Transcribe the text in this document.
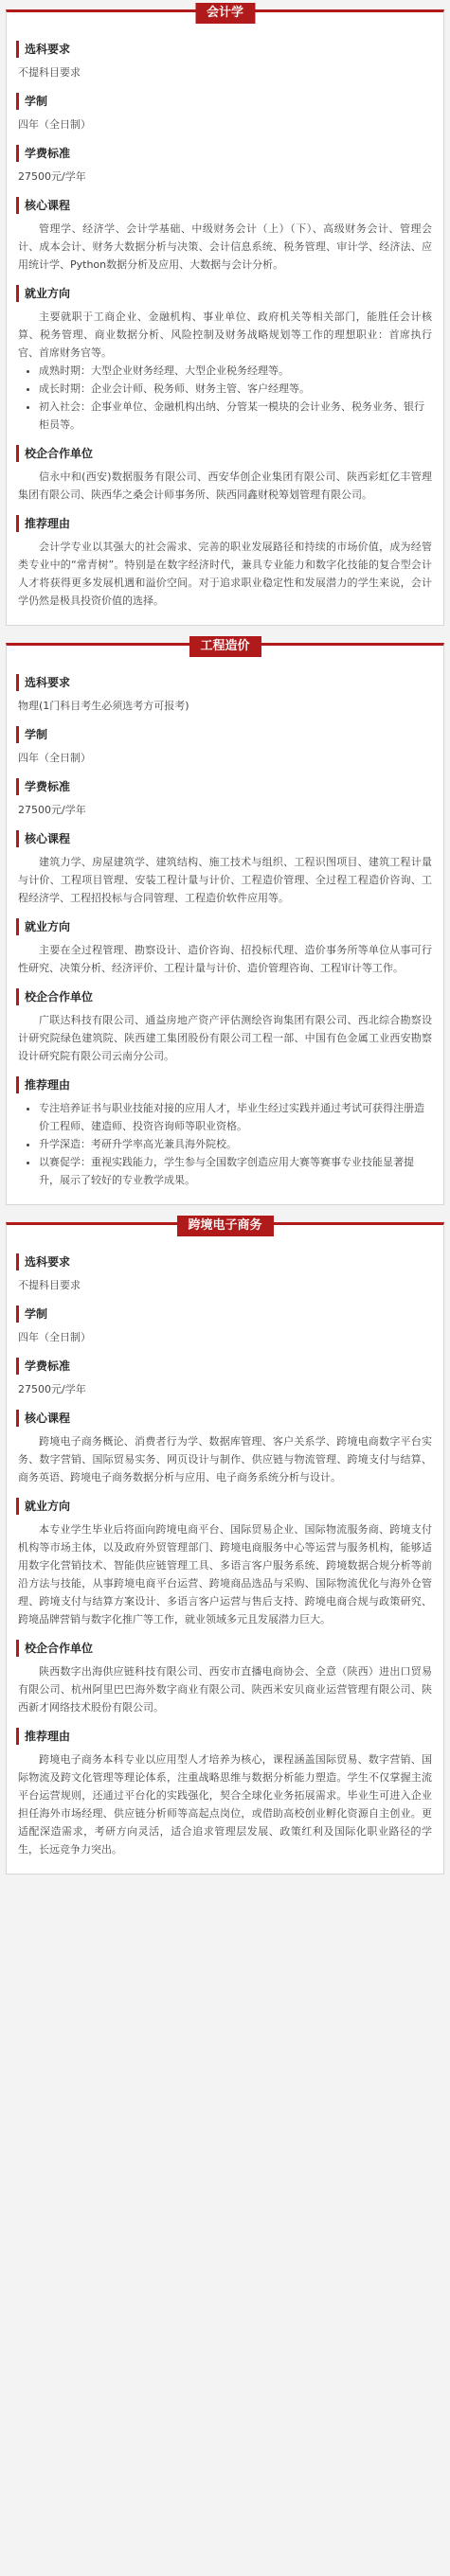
会计学
选科要求
不提科目要求
学制
四年（全日制）
学费标准
27500元/学年
核心课程

管理学、经济学、会计学基础、中级财务会计（上）（下）、高级财务会计、管理会计、成本会计、财务大数据分析与决策、会计信息系统、税务管理、审计学、经济法、应用统计学、Python数据分析及应用、大数据与会计分析。

就业方向

主要就职于工商企业、金融机构、事业单位、政府机关等相关部门，能胜任会计核算、税务管理、商业数据分析、风险控制及财务战略规划等工作的理想职业：首席执行官、首席财务官等。

• 成熟时期：大型企业财务经理、大型企业税务经理等。
• 成长时期：企业会计师、税务师、财务主管、客户经理等。
• 初入社会：企事业单位、金融机构出纳、分管某一模块的会计业务、税务业务、银行柜员等。
校企合作单位

信永中和(西安)数据服务有限公司、西安华创企业集团有限公司、陕西彩虹亿丰管理集团有限公司、陕西华之桑会计师事务所、陕西同鑫财税筹划管理有限公司。

推荐理由

会计学专业以其强大的社会需求、完善的职业发展路径和持续的市场价值，成为经管类专业中的“常青树”。特别是在数字经济时代，兼具专业能力和数字化技能的复合型会计人才将获得更多发展机遇和溢价空间。对于追求职业稳定性和发展潜力的学生来说，会计学仍然是极具投资价值的选择。

工程造价
选科要求
物理(1门科目考生必须选考方可报考)
学制
四年（全日制）
学费标准
27500元/学年
核心课程

建筑力学、房屋建筑学、建筑结构、施工技术与组织、工程识图项目、建筑工程计量与计价、工程项目管理、安装工程计量与计价、工程造价管理、全过程工程造价咨询、工程经济学、工程招投标与合同管理、工程造价软件应用等。

就业方向

主要在全过程管理、勘察设计、造价咨询、招投标代理、造价事务所等单位从事可行性研究、决策分析、经济评价、工程计量与计价、造价管理咨询、工程审计等工作。

校企合作单位

广联达科技有限公司、通益房地产资产评估测绘咨询集团有限公司、西北综合勘察设计研究院绿色建筑院、陕西建工集团股份有限公司工程一部、中国有色金属工业西安勘察设计研究院有限公司云南分公司。

推荐理由
• 专注培养证书与职业技能对接的应用人才，毕业生经过实践并通过考试可获得注册造价工程师、建造师、投资咨询师等职业资格。
• 升学深造：考研升学率高光兼具海外院校。
• 以赛促学：重视实践能力，学生参与全国数字创造应用大赛等赛事专业技能显著提升，展示了较好的专业教学成果。
跨境电子商务
选科要求
不提科目要求
学制
四年（全日制）
学费标准
27500元/学年
核心课程

跨境电子商务概论、消费者行为学、数据库管理、客户关系学、跨境电商数字平台实务、数字营销、国际贸易实务、网页设计与制作、供应链与物流管理、跨境支付与结算、商务英语、跨境电子商务数据分析与应用、电子商务系统分析与设计。

就业方向

本专业学生毕业后将面向跨境电商平台、国际贸易企业、国际物流服务商、跨境支付机构等市场主体，以及政府外贸管理部门、跨境电商服务中心等运营与服务机构，能够适用数字化营销技术、智能供应链管理工具、多语言客户服务系统、跨境数据合规分析等前沿方法与技能，从事跨境电商平台运营、跨境商品选品与采购、国际物流优化与海外仓管理、跨境支付与结算方案设计、多语言客户运营与售后支持、跨境电商合规与政策研究、跨境品牌营销与数字化推广等工作，就业领域多元且发展潜力巨大。

校企合作单位

陕西数字出海供应链科技有限公司、西安市直播电商协会、全意（陕西）进出口贸易有限公司、杭州阿里巴巴海外数字商业有限公司、陕西米安贝商业运营管理有限公司、陕西新才网络技术股份有限公司。

推荐理由

跨境电子商务本科专业以应用型人才培养为核心，课程涵盖国际贸易、数字营销、国际物流及跨文化管理等理论体系，注重战略思维与数据分析能力塑造。学生不仅掌握主流平台运营规则，还通过平台化的实践强化，契合全球化业务拓展需求。毕业生可进入企业担任海外市场经理、供应链分析师等高起点岗位，或借助高校创业孵化资源自主创业。更适配深造需求，考研方向灵活，适合追求管理层发展、政策红利及国际化职业路径的学生，长远竞争力突出。
